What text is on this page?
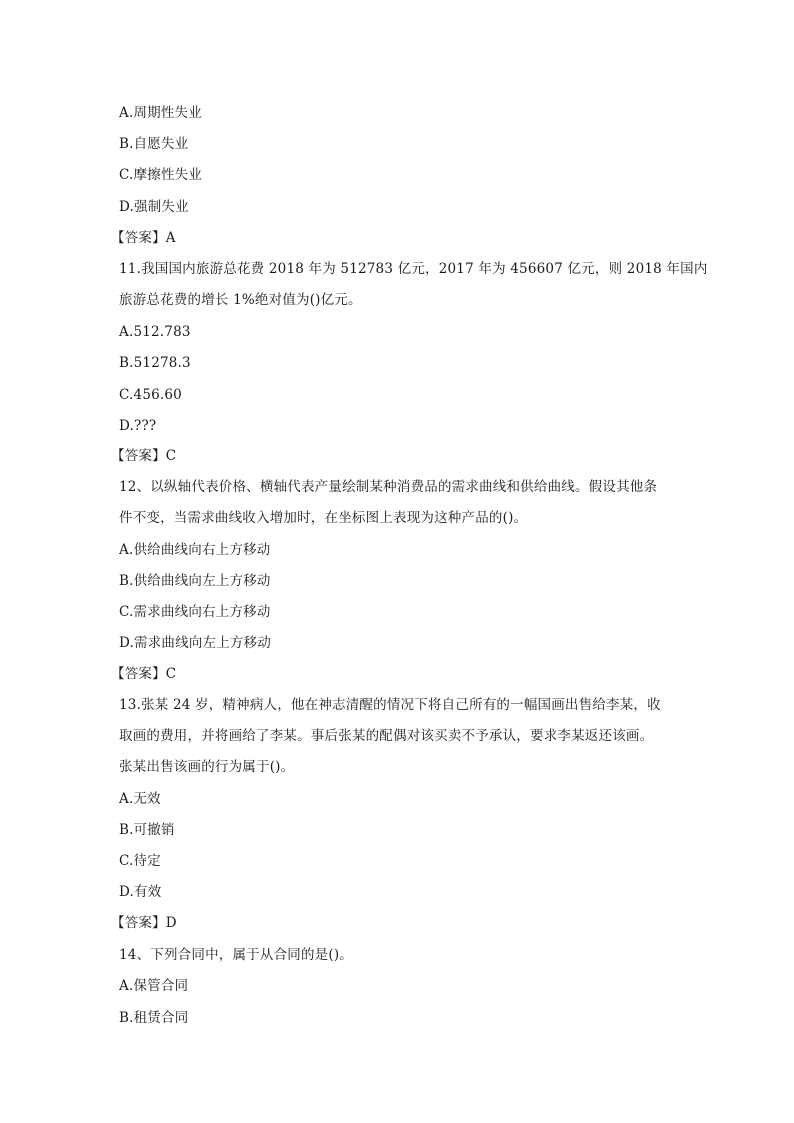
A.周期性失业
B.自愿失业
C.摩擦性失业
D.强制失业
【答案】A
11.我国国内旅游总花费 2018 年为 512783 亿元，2017 年为 456607 亿元，则 2018 年国内
旅游总花费的增长 1%绝对值为()亿元。
A.512.783
B.51278.3
C.456.60
D.???
【答案】C
12、以纵轴代表价格、横轴代表产量绘制某种消费品的需求曲线和供给曲线。假设其他条
件不变，当需求曲线收入增加时，在坐标图上表现为这种产品的()。
A.供给曲线向右上方移动
B.供给曲线向左上方移动
C.需求曲线向右上方移动
D.需求曲线向左上方移动
【答案】C
13.张某 24 岁，精神病人，他在神志清醒的情况下将自己所有的一幅国画出售给李某，收
取画的费用，并将画给了李某。事后张某的配偶对该买卖不予承认，要求李某返还该画。
张某出售该画的行为属于()。
A.无效
B.可撤销
C.待定
D.有效
【答案】D
14、下列合同中，属于从合同的是()。
A.保管合同
B.租赁合同
